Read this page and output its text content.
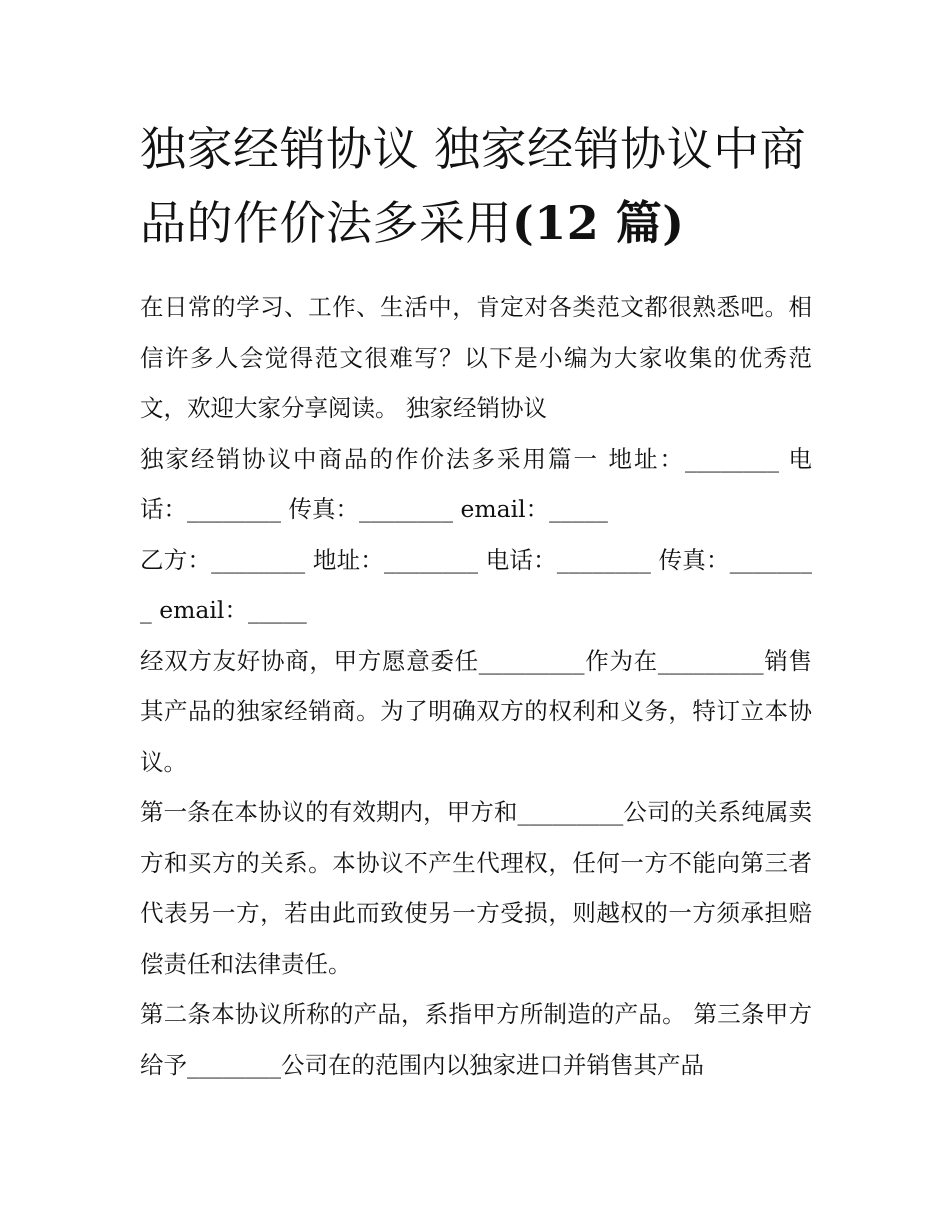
独家经销协议 独家经销协议中商品的作价法多采用(12 篇)

在日常的学习、工作、生活中，肯定对各类范文都很熟悉吧。相信许多人会觉得范文很难写？以下是小编为大家收集的优秀范文，欢迎大家分享阅读。 独家经销协议

独家经销协议中商品的作价法多采用篇一 地址：________ 电话：________ 传真：________ email：_____

乙方：________ 地址：________ 电话：________ 传真：________ email：_____

经双方友好协商，甲方愿意委任_________作为在_________销售其产品的独家经销商。为了明确双方的权利和义务，特订立本协议。

第一条在本协议的有效期内，甲方和_________公司的关系纯属卖方和买方的关系。本协议不产生代理权，任何一方不能向第三者代表另一方，若由此而致使另一方受损，则越权的一方须承担赔偿责任和法律责任。

第二条本协议所称的产品，系指甲方所制造的产品。 第三条甲方给予________公司在的范围内以独家进口并销售其产品
